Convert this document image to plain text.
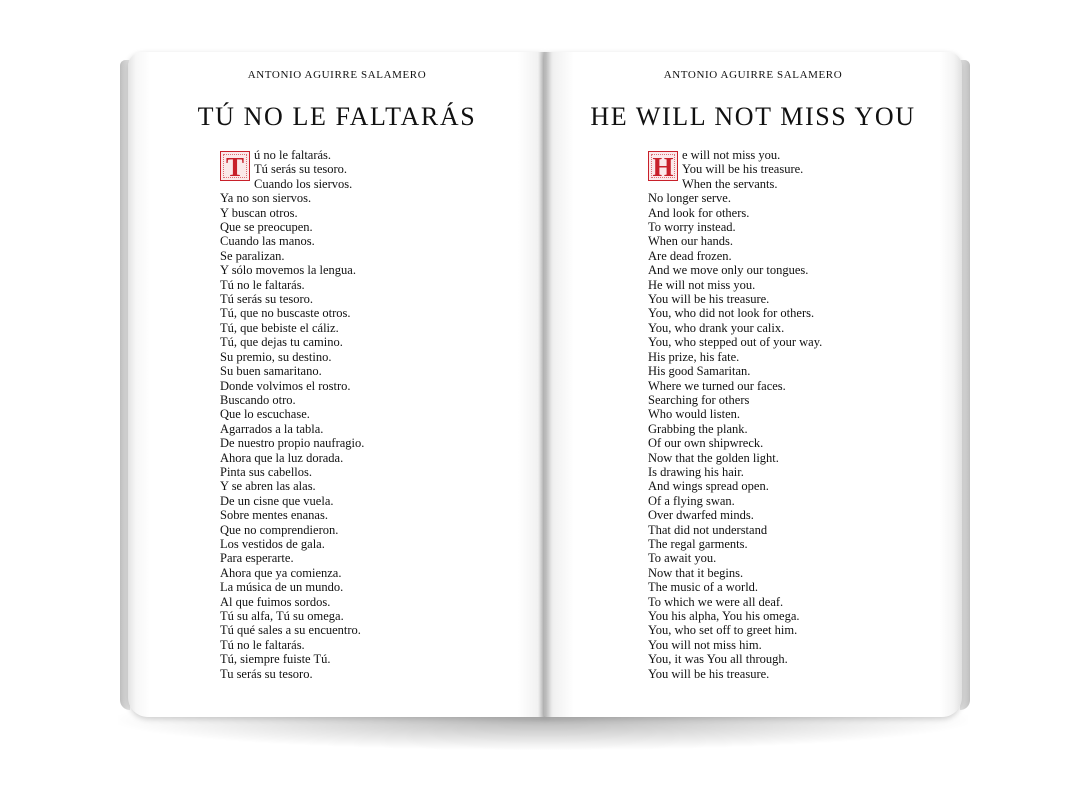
ANTONIO AGUIRRE SALAMERO
TÚ NO LE FALTARÁS
T ú no le faltarás.
Tú serás su tesoro.
Cuando los siervos.
Ya no son siervos.
Y buscan otros.
Que se preocupen.
Cuando las manos.
Se paralizan.
Y sólo movemos la lengua.
Tú no le faltarás.
Tú serás su tesoro.
Tú, que no buscaste otros.
Tú, que bebiste el cáliz.
Tú, que dejas tu camino.
Su premio, su destino.
Su buen samaritano.
Donde volvimos el rostro.
Buscando otro.
Que lo escuchase.
Agarrados a la tabla.
De nuestro propio naufragio.
Ahora que la luz dorada.
Pinta sus cabellos.
Y se abren las alas.
De un cisne que vuela.
Sobre mentes enanas.
Que no comprendieron.
Los vestidos de gala.
Para esperarte.
Ahora que ya comienza.
La música de un mundo.
Al que fuimos sordos.
Tú su alfa, Tú su omega.
Tú qué sales a su encuentro.
Tú no le faltarás.
Tú, siempre fuiste Tú.
Tu serás su tesoro.
ANTONIO AGUIRRE SALAMERO
HE WILL NOT MISS YOU
H e will not miss you.
You will be his treasure.
When the servants.
No longer serve.
And look for others.
To worry instead.
When our hands.
Are dead frozen.
And we move only our tongues.
He will not miss you.
You will be his treasure.
You, who did not look for others.
You, who drank your calix.
You, who stepped out of your way.
His prize, his fate.
His good Samaritan.
Where we turned our faces.
Searching for others
Who would listen.
Grabbing the plank.
Of our own shipwreck.
Now that the golden light.
Is drawing his hair.
And wings spread open.
Of a flying swan.
Over dwarfed minds.
That did not understand
The regal garments.
To await you.
Now that it begins.
The music of a world.
To which we were all deaf.
You his alpha, You his omega.
You, who set off to greet him.
You will not miss him.
You, it was You all through.
You will be his treasure.
